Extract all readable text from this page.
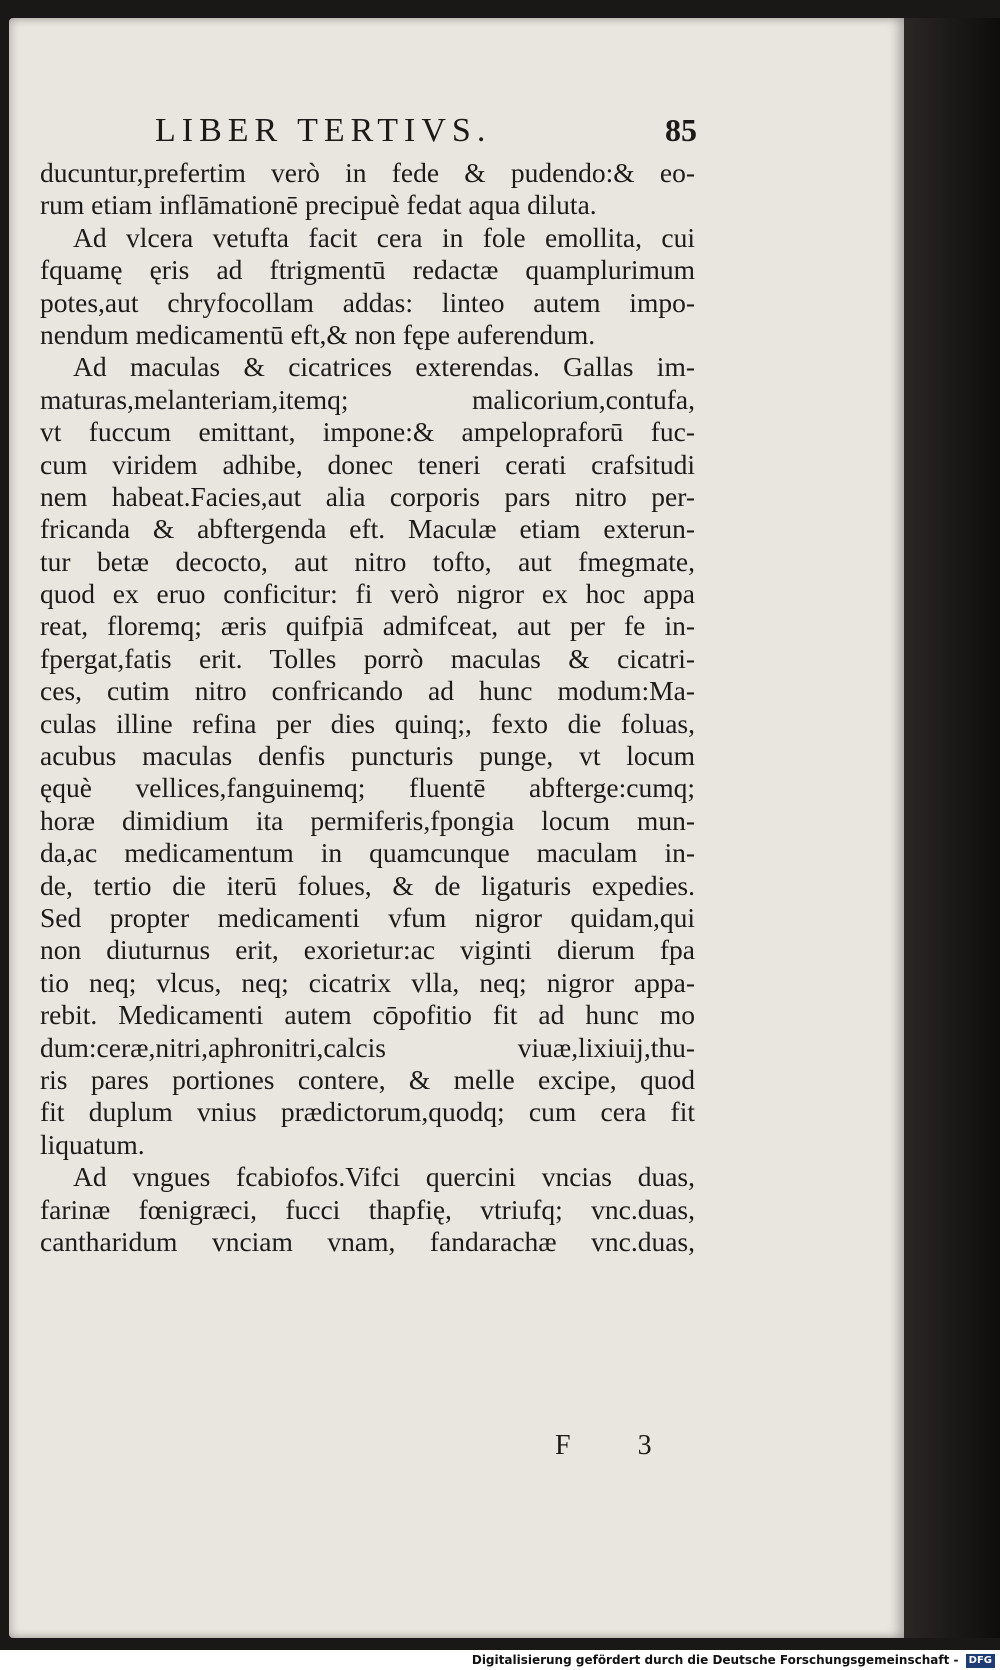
LIBER TERTIVS.	85
ducuntur,prefertim verò in fede & pudendo:& eo-
rum etiam inflāmationē precipuè fedat aqua diluta.
Ad vlcera vetufta facit cera in fole emollita, cui
fquamę ęris ad ftrigmentū redactæ quamplurimum
potes,aut chryfocollam addas: linteo autem impo-
nendum medicamentū eft,& non fępe auferendum.
Ad maculas & cicatrices exterendas. Gallas im-
maturas,melanteriam,itemq; malicorium,contufa,
vt fuccum emittant, impone:& ampelopraforū fuc-
cum viridem adhibe, donec teneri cerati crafsitudi
nem habeat.Facies,aut alia corporis pars nitro per-
fricanda & abftergenda eft. Maculæ etiam exterun-
tur betæ decocto, aut nitro tofto, aut fmegmate,
quod ex eruo conficitur: fi verò nigror ex hoc appa
reat, floremq; æris quifpiā admifceat, aut per fe in-
fpergat,fatis erit. Tolles porrò maculas & cicatri-
ces, cutim nitro confricando ad hunc modum:Ma-
culas illine refina per dies quinq;, fexto die foluas,
acubus maculas denfis puncturis punge, vt locum
ęquè vellices,fanguinemq; fluentē abfterge:cumq;
horæ dimidium ita permiferis,fpongia locum mun-
da,ac medicamentum in quamcunque maculam in-
de, tertio die iterū folues, & de ligaturis expedies.
Sed propter medicamenti vfum nigror quidam,qui
non diuturnus erit, exorietur:ac viginti dierum fpa
tio neq; vlcus, neq; cicatrix vlla, neq; nigror appa-
rebit. Medicamenti autem cōpofitio fit ad hunc mo
dum:ceræ,nitri,aphronitri,calcis viuæ,lixiuij,thu-
ris pares portiones contere, & melle excipe, quod
fit duplum vnius prædictorum,quodq; cum cera fit
liquatum.
Ad vngues fcabiofos.Vifci quercini vncias duas,
farinæ fœnigræci, fucci thapfię, vtriufq; vnc.duas,
cantharidum vnciam vnam, fandarachæ vnc.duas,
F 3
Digitalisierung gefördert durch die Deutsche Forschungsgemeinschaft - DFG
